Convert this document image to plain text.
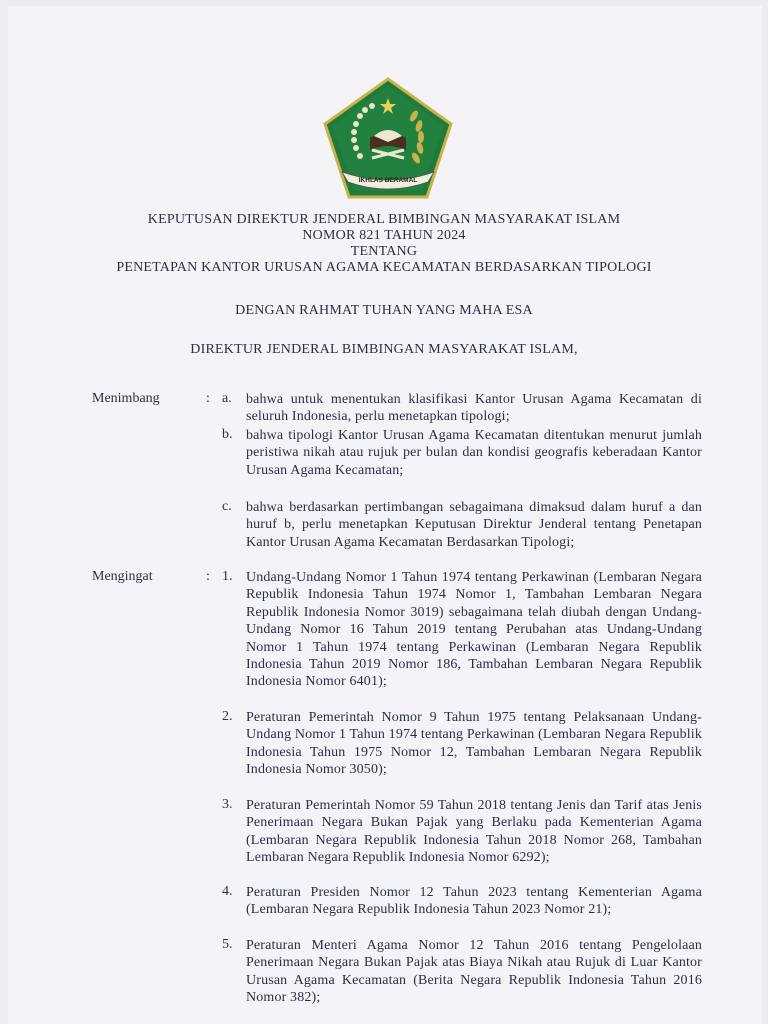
IKHLAS BERAMAL
KEPUTUSAN DIREKTUR JENDERAL BIMBINGAN MASYARAKAT ISLAM
NOMOR 821 TAHUN 2024
TENTANG
PENETAPAN KANTOR URUSAN AGAMA KECAMATAN BERDASARKAN TIPOLOGI
DENGAN RAHMAT TUHAN YANG MAHA ESA
DIREKTUR JENDERAL BIMBINGAN MASYARAKAT ISLAM,
Menimbang	: a.	bahwa untuk menentukan klasifikasi Kantor Urusan Agama Kecamatan di seluruh Indonesia, perlu menetapkan tipologi;
b. bahwa tipologi Kantor Urusan Agama Kecamatan ditentukan menurut jumlah peristiwa nikah atau rujuk per bulan dan kondisi geografis keberadaan Kantor Urusan Agama Kecamatan;
c.	bahwa berdasarkan pertimbangan sebagaimana dimaksud dalam huruf a dan huruf b, perlu menetapkan Keputusan Direktur Jenderal tentang Penetapan Kantor Urusan Agama Kecamatan Berdasarkan Tipologi;
Mengingat	: 1. Undang-Undang Nomor 1 Tahun 1974 tentang Perkawinan (Lembaran Negara Republik Indonesia Tahun 1974 Nomor 1, Tambahan Lembaran Negara Republik Indonesia Nomor 3019) sebagaimana telah diubah dengan Undang-Undang Nomor 16 Tahun 2019 tentang Perubahan atas Undang-Undang Nomor 1 Tahun 1974 tentang Perkawinan (Lembaran Negara Republik Indonesia Tahun 2019 Nomor 186, Tambahan Lembaran Negara Republik Indonesia Nomor 6401);
2. Peraturan Pemerintah Nomor 9 Tahun 1975 tentang Pelaksanaan Undang-Undang Nomor 1 Tahun 1974 tentang Perkawinan (Lembaran Negara Republik Indonesia Tahun 1975 Nomor 12, Tambahan Lembaran Negara Republik Indonesia Nomor 3050);
3. Peraturan Pemerintah Nomor 59 Tahun 2018 tentang Jenis dan Tarif atas Jenis Penerimaan Negara Bukan Pajak yang Berlaku pada Kementerian Agama (Lembaran Negara Republik Indonesia Tahun 2018 Nomor 268, Tambahan Lembaran Negara Republik Indonesia Nomor 6292);
4. Peraturan Presiden Nomor 12 Tahun 2023 tentang Kementerian Agama (Lembaran Negara Republik Indonesia Tahun 2023 Nomor 21);
5. Peraturan Menteri Agama Nomor 12 Tahun 2016 tentang Pengelolaan Penerimaan Negara Bukan Pajak atas Biaya Nikah atau Rujuk di Luar Kantor Urusan Agama Kecamatan (Berita Negara Republik Indonesia Tahun 2016 Nomor 382);
